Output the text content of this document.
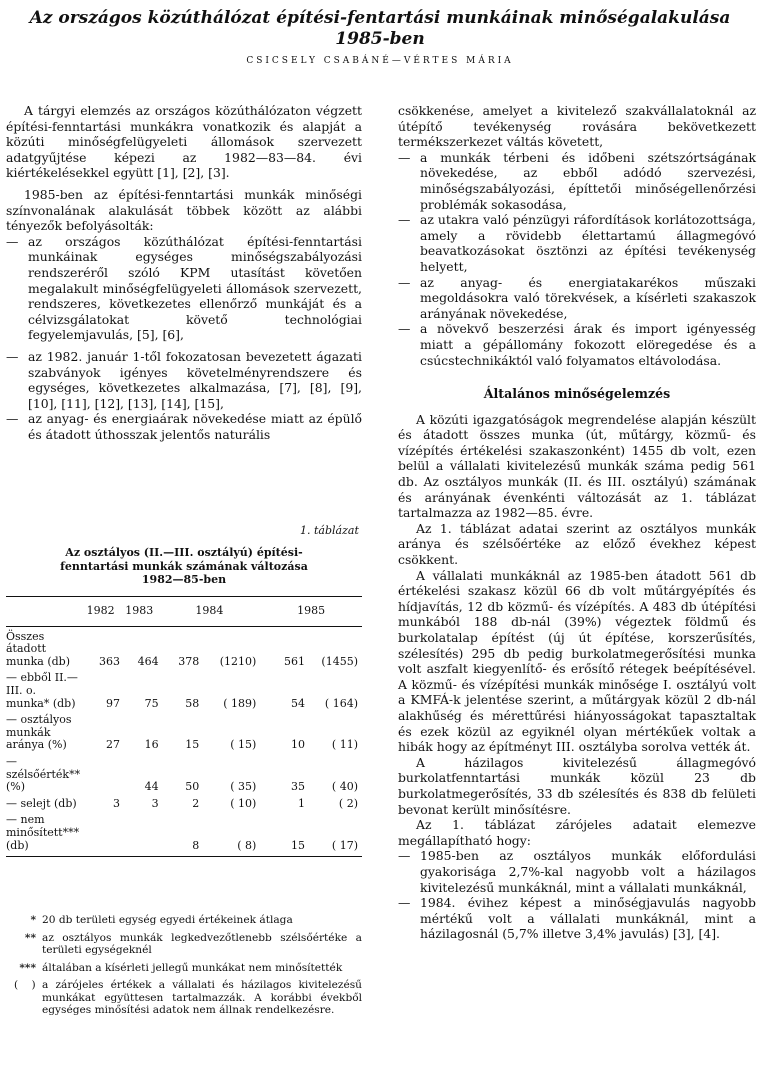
Az országos közúthálózat építési-fentartási munkáinak minőségalakulása
1985-ben
CSICSELY CSABÁNÉ—VÉRTES MÁRIA

A tárgyi elemzés az országos közúthálózaton végzett építési-fenntartási munkákra vonatkozik és alapját a közúti minőségfelügyeleti állomások szervezett adatgyűjtése képezi az 1982—83—84. évi kiértékelésekkel együtt [1], [2], [3].

1985-ben az építési-fenntartási munkák minőségi színvonalának alakulását többek között az alábbi tényezők befolyásolták:

— az országos közúthálózat építési-fenntartási munkáinak egységes minőségszabályozási rendszeréről szóló KPM utasítást követően megalakult minőségfelügyeleti állomások szervezett, rendszeres, következetes ellenőrző munkáját és a célvizsgálatokat követő technológiai fegyelemjavulás, [5], [6],
— az 1982. január 1-től fokozatosan bevezetett ágazati szabványok igényes követelményrendszere és egységes, következetes alkalmazása, [7], [8], [9], [10], [11], [12], [13], [14], [15],
— az anyag- és energiaárak növekedése miatt az épülő és átadott úthosszak jelentős naturális
1. táblázat
Az osztályos (II.—III. osztályú) építési-
fenntartási munkák számának változása
1982—85-ben
	1982	1983	1984		1985	
Összes átadott munka (db)	363	464	378	(1210)	561	(1455)
— ebből II.—III. o. munka* (db)	97	75	58	( 189)	54	( 164)
— osztályos munkák aránya (%)	27	16	15	( 15)	10	( 11)
— szélsőérték** (%)		44	50	( 35)	35	( 40)
— selejt (db)	3	3	2	( 10)	1	( 2)
— nem minősített*** (db)			8	( 8)	15	( 17)
* 20 db területi egység egyedi értékeinek átlaga
** az osztályos munkák legkedvezőtlenebb szélsőértéke a területi egységeknél
*** általában a kísérleti jellegű munkákat nem minősítették
( ) a zárójeles értékek a vállalati és házilagos kivitelezésű munkákat együttesen tartalmazzák. A korábbi évekből egységes minősítési adatok nem állnak rendelkezésre.
csökkenése, amelyet a kivitelező szakvállalatoknál az útépítő tevékenység rovására bekövetkezett termékszerkezet váltás követett,
— a munkák térbeni és időbeni szétszórtságának növekedése, az ebből adódó szervezési, minőségszabályozási, építtetői minőségellenőrzési problémák sokasodása,
— az utakra való pénzügyi ráfordítások korlátozottsága, amely a rövidebb élettartamú állagmegóvó beavatkozásokat ösztönzi az építési tevékenység helyett,
— az anyag- és energiatakarékos műszaki megoldásokra való törekvések, a kísérleti szakaszok arányának növekedése,
— a növekvő beszerzési árak és import igényesség miatt a gépállomány fokozott elöregedése és a csúcstechnikáktól való folyamatos eltávolodása.
Általános minőségelemzés

A közúti igazgatóságok megrendelése alapján készült és átadott összes munka (út, műtárgy, közmű- és vízépítés értékelési szakaszonként) 1455 db volt, ezen belül a vállalati kivitelezésű munkák száma pedig 561 db. Az osztályos munkák (II. és III. osztályú) számának és arányának évenkénti változását az 1. táblázat tartalmazza az 1982—85. évre.

Az 1. táblázat adatai szerint az osztályos munkák aránya és szélsőértéke az előző évekhez képest csökkent.

A vállalati munkáknál az 1985-ben átadott 561 db értékelési szakasz közül 66 db volt műtárgyépítés és hídjavítás, 12 db közmű- és vízépítés. A 483 db útépítési munkából 188 db-nál (39%) végeztek földmű és burkolatalap építést (új út építése, korszerűsítés, szélesítés) 295 db pedig burkolatmegerősítési munka volt aszfalt kiegyenlítő- és erősítő rétegek beépítésével. A közmű- és vízépítési munkák minősége I. osztályú volt a KMFÁ-k jelentése szerint, a műtárgyak közül 2 db-nál alakhűség és mérettűrési hiányosságokat tapasztaltak és ezek közül az egyiknél olyan mértékűek voltak a hibák hogy az építményt III. osztályba sorolva vették át.

A házilagos kivitelezésű állagmegóvó burkolatfenntartási munkák közül 23 db burkolatmegerősítés, 33 db szélesítés és 838 db felületi bevonat került minősítésre.

Az 1. táblázat zárójeles adatait elemezve megállapítható hogy:

— 1985-ben az osztályos munkák előfordulási gyakorisága 2,7%-kal nagyobb volt a házilagos kivitelezésű munkáknál, mint a vállalati munkáknál,
— 1984. évihez képest a minőségjavulás nagyobb mértékű volt a vállalati munkáknál, mint a házilagosnál (5,7% illetve 3,4% javulás) [3], [4].
